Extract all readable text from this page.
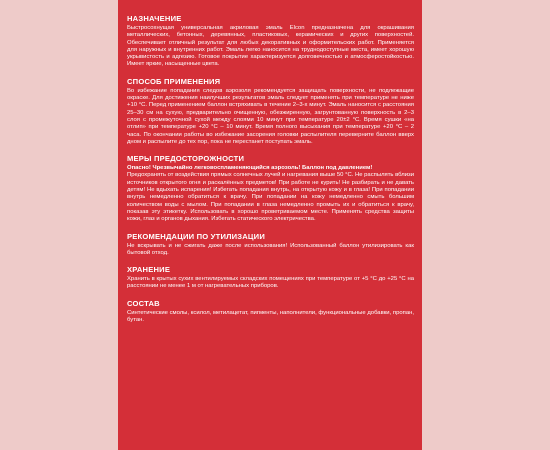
НАЗНАЧЕНИЕ

Быстросохнущая универсальная акриловая эмаль Elcon предназначена для окрашивания металлических, бетонных, деревянных, пластиковых, керамических и других поверхностей. Обеспечивает отличный результат для любых декоративных и оформительских работ. Применяется для наружных и внутренних работ. Эмаль легко наносится на труднодоступные места, имеет хорошую укрывистость и адгезию. Готовое покрытие характеризуется долговечностью и атмосферостойкостью. Имеет яркие, насыщенные цвета.

СПОСОБ ПРИМЕНЕНИЯ

Во избежание попадания следов аэрозоля рекомендуется защищать поверхности, не подлежащие окраске. Для достижения наилучших результатов эмаль следует применять при температуре не ниже +10 °С. Перед применением баллон встряхивать в течение 2–3-х минут. Эмаль наносится с расстояния 25–30 см на сухую, предварительно очищенную, обезжиренную, загрунтованную поверхность в 2–3 слоя с промежуточной сухой между слоями 10 минут при температуре 20±2 °С. Время сушки «на отлип» при температуре +20 °С – 10 минут. Время полного высыхания при температуре +20 °С – 2 часа. По окончании работы во избежание засорения головки распылителя переверните баллон вверх дном и распылите до тех пор, пока не перестанет поступать эмаль.

МЕРЫ ПРЕДОСТОРОЖНОСТИ

Опасно! Чрезвычайно легковоспламеняющийся аэрозоль! Баллон под давлением!

Предохранять от воздействия прямых солнечных лучей и нагревания выше 50 °С. Не распылять вблизи источников открытого огня и раскалённых предметов! При работе не курить! Не разбирать и не давать детям! Не вдыхать испарения! Избегать попадания внутрь, на открытую кожу и в глаза! При попадании внутрь немедленно обратиться к врачу. При попадании на кожу немедленно смыть большим количеством воды с мылом. При попадании в глаза немедленно промыть их и обратиться к врачу, показав эту этикетку. Использовать в хорошо проветриваемом месте. Применять средства защиты кожи, глаз и органов дыхания. Избегать статического электричества.

РЕКОМЕНДАЦИИ ПО УТИЛИЗАЦИИ

Не вскрывать и не сжигать даже после использования! Использованный баллон утилизировать как бытовой отход.

ХРАНЕНИЕ

Хранить в крытых сухих вентилируемых складских помещениях при температуре от +5 °С до +25 °С на расстоянии не менее 1 м от нагревательных приборов.

СОСТАВ

Синтетические смолы, ксилол, метилацетат, пигменты, наполнители, функциональные добавки, пропан, бутан.
